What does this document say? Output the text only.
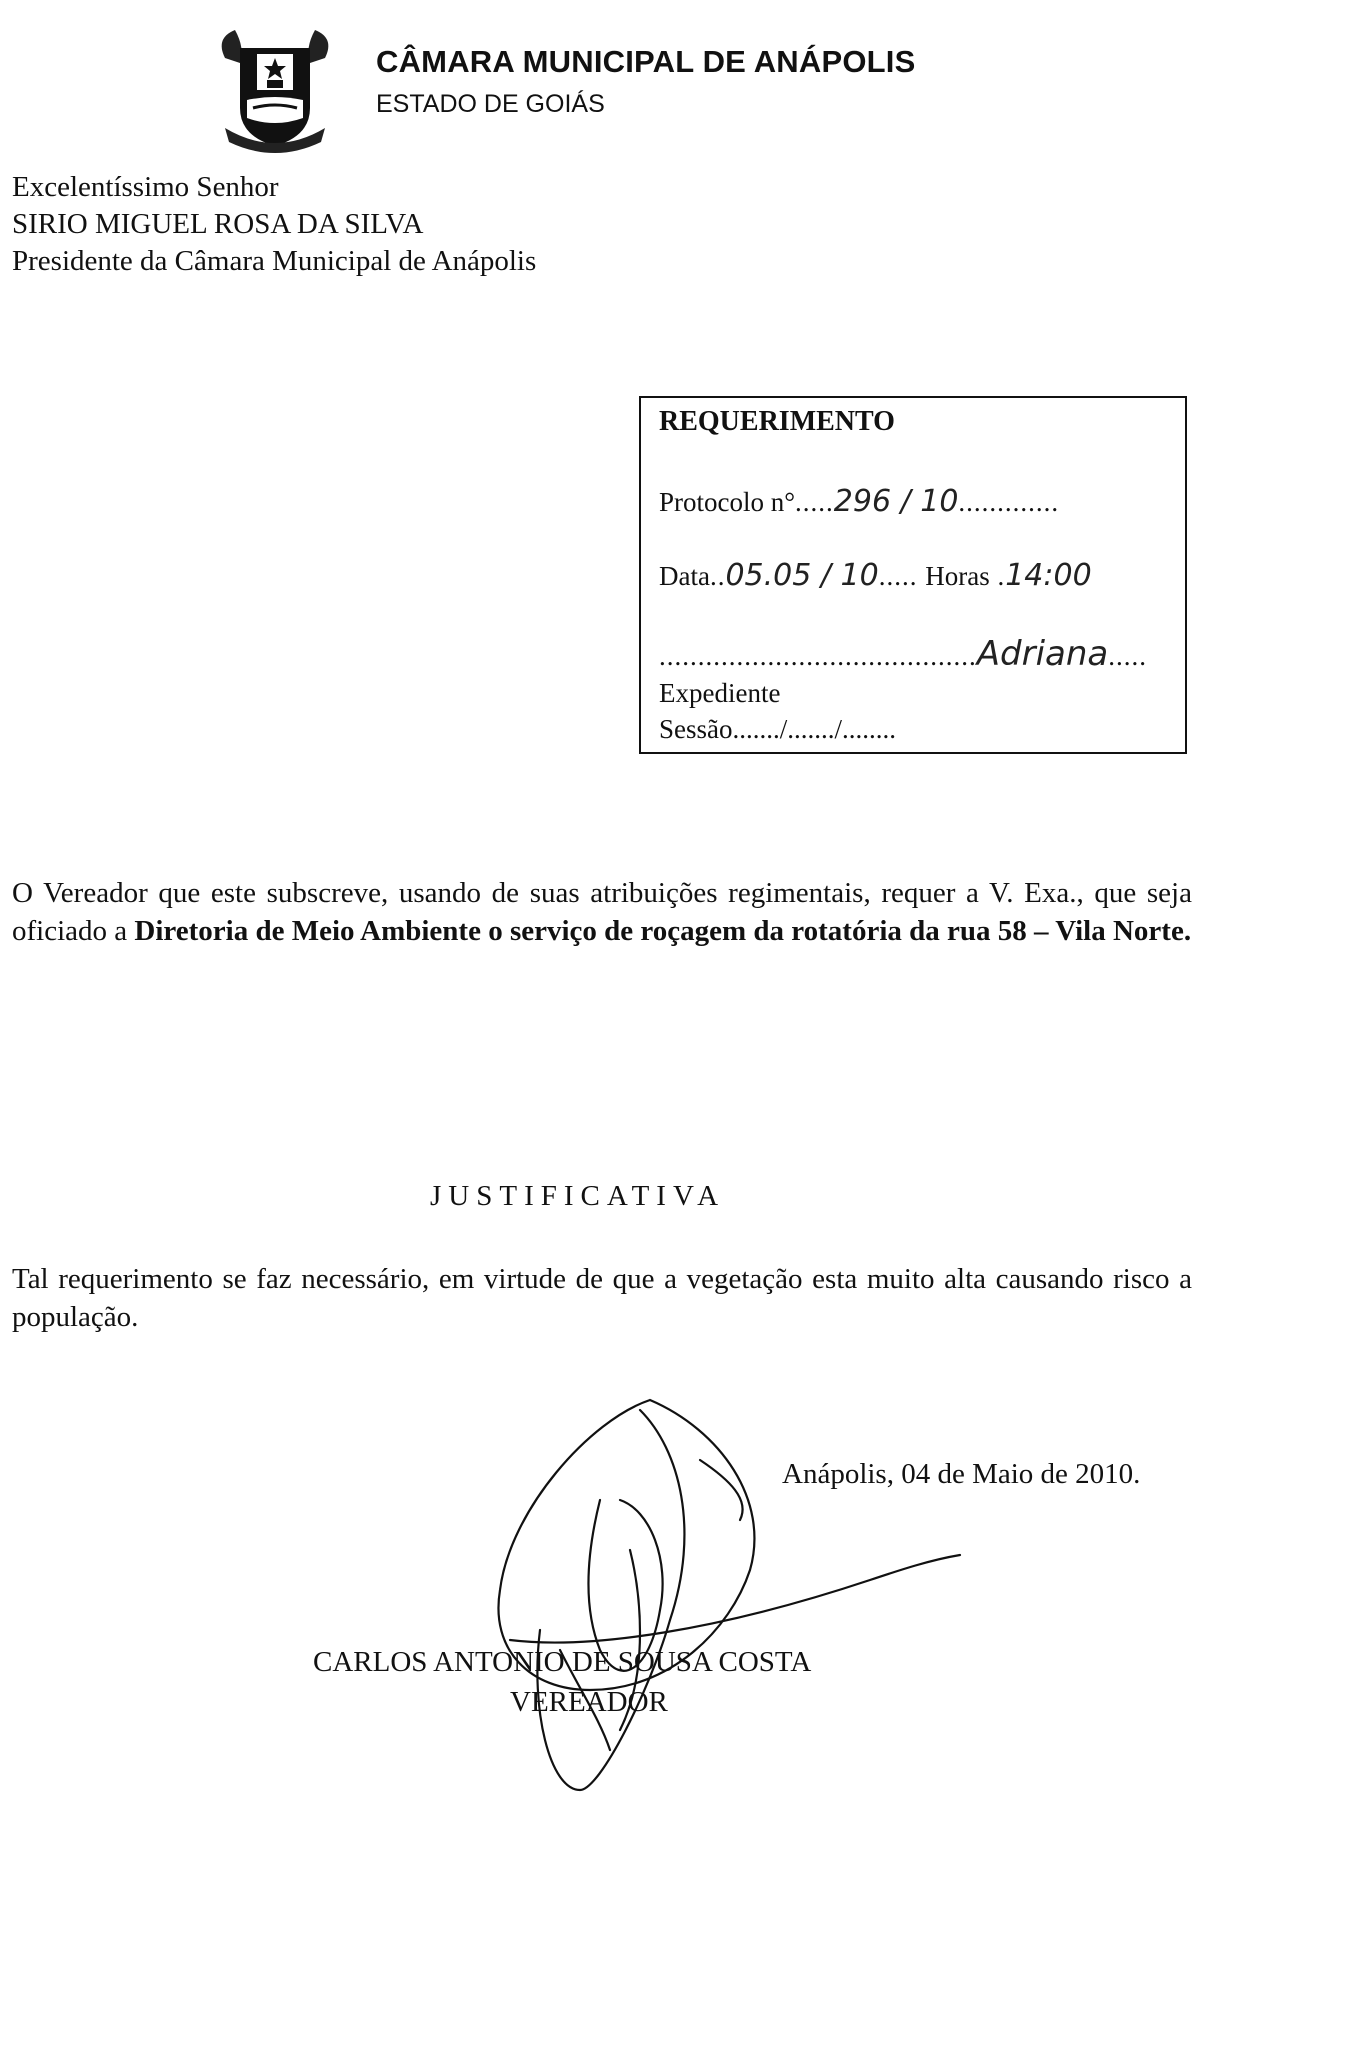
CÂMARA MUNICIPAL DE ANÁPOLIS
ESTADO DE GOIÁS
Excelentíssimo Senhor
SIRIO MIGUEL ROSA DA SILVA
Presidente da Câmara Municipal de Anápolis
REQUERIMENTO
Protocolo n°.....296 / 10.............
Data..05.05 / 10..... Horas .14:00
.........................................Adriana.....
Expediente
Sessão......./......./........
O Vereador que este subscreve, usando de suas atribuições regimentais, requer a V. Exa., que seja oficiado a Diretoria de Meio Ambiente o serviço de roçagem da rotatória da rua 58 – Vila Norte.
JUSTIFICATIVA
Tal requerimento se faz necessário, em virtude de que a vegetação esta muito alta causando risco a população.
Anápolis, 04 de Maio de 2010.
CARLOS ANTONIO DE SOUSA COSTA
VEREADOR
